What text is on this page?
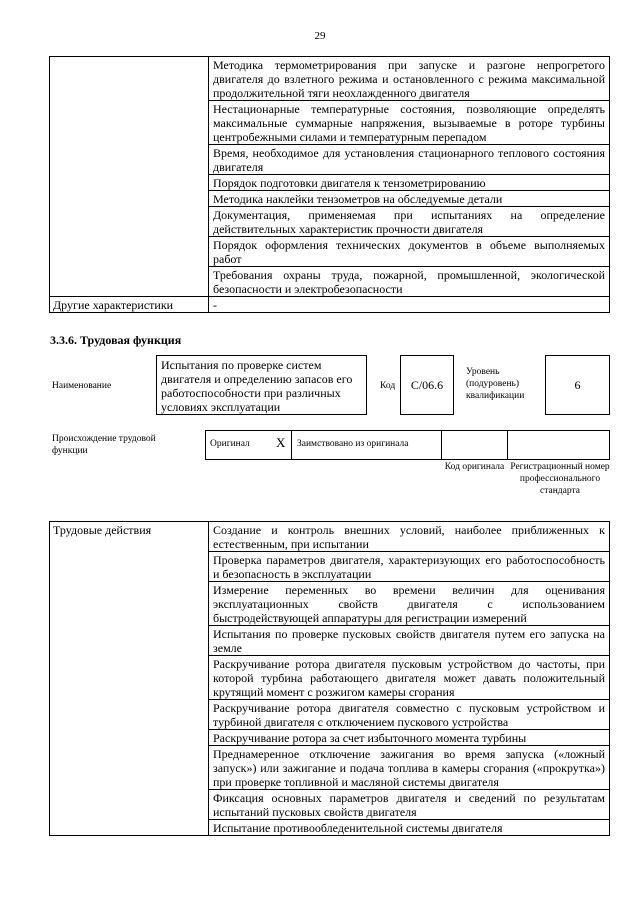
29
	Методика термометрирования при запуске и разгоне непрогретого двигателя до взлетного режима и остановленного с режима максимальной продолжительной тяги неохлажденного двигателя
	Нестационарные температурные состояния, позволяющие определять максимальные суммарные напряжения, вызываемые в роторе турбины центробежными силами и температурным перепадом
	Время, необходимое для установления стационарного теплового состояния двигателя
	Порядок подготовки двигателя к тензометрированию
	Методика наклейки тензометров на обследуемые детали
	Документация, применяемая при испытаниях на определение действительных характеристик прочности двигателя
	Порядок оформления технических документов в объеме выполняемых работ
	Требования охраны труда, пожарной, промышленной, экологической безопасности и электробезопасности
Другие характеристики	-
3.3.6. Трудовая функция
Наименование
Испытания по проверке систем двигателя и определению запасов его работоспособности при различных условиях эксплуатации
Код	C/06.6
Уровень (подуровень) квалификации
6
Происхождение трудовой функции
Оригинал X Заимствовано из оригинала
Код оригинала Регистрационный номер профессионального стандарта
Трудовые действия	Создание и контроль внешних условий, наиболее приближенных к естественным, при испытании
Проверка параметров двигателя, характеризующих его работоспособность и безопасность в эксплуатации
Измерение переменных во времени величин для оценивания эксплуатационных свойств двигателя с использованием быстродействующей аппаратуры для регистрации измерений
Испытания по проверке пусковых свойств двигателя путем его запуска на земле
Раскручивание ротора двигателя пусковым устройством до частоты, при которой турбина работающего двигателя может давать положительный крутящий момент с розжигом камеры сгорания
Раскручивание ротора двигателя совместно с пусковым устройством и турбиной двигателя с отключением пускового устройства
Раскручивание ротора за счет избыточного момента турбины
Преднамеренное отключение зажигания во время запуска («ложный запуск») или зажигание и подача топлива в камеры сгорания («прокрутка») при проверке топливной и масляной системы двигателя
Фиксация основных параметров двигателя и сведений по результатам испытаний пусковых свойств двигателя
Испытание противообледенительной системы двигателя
